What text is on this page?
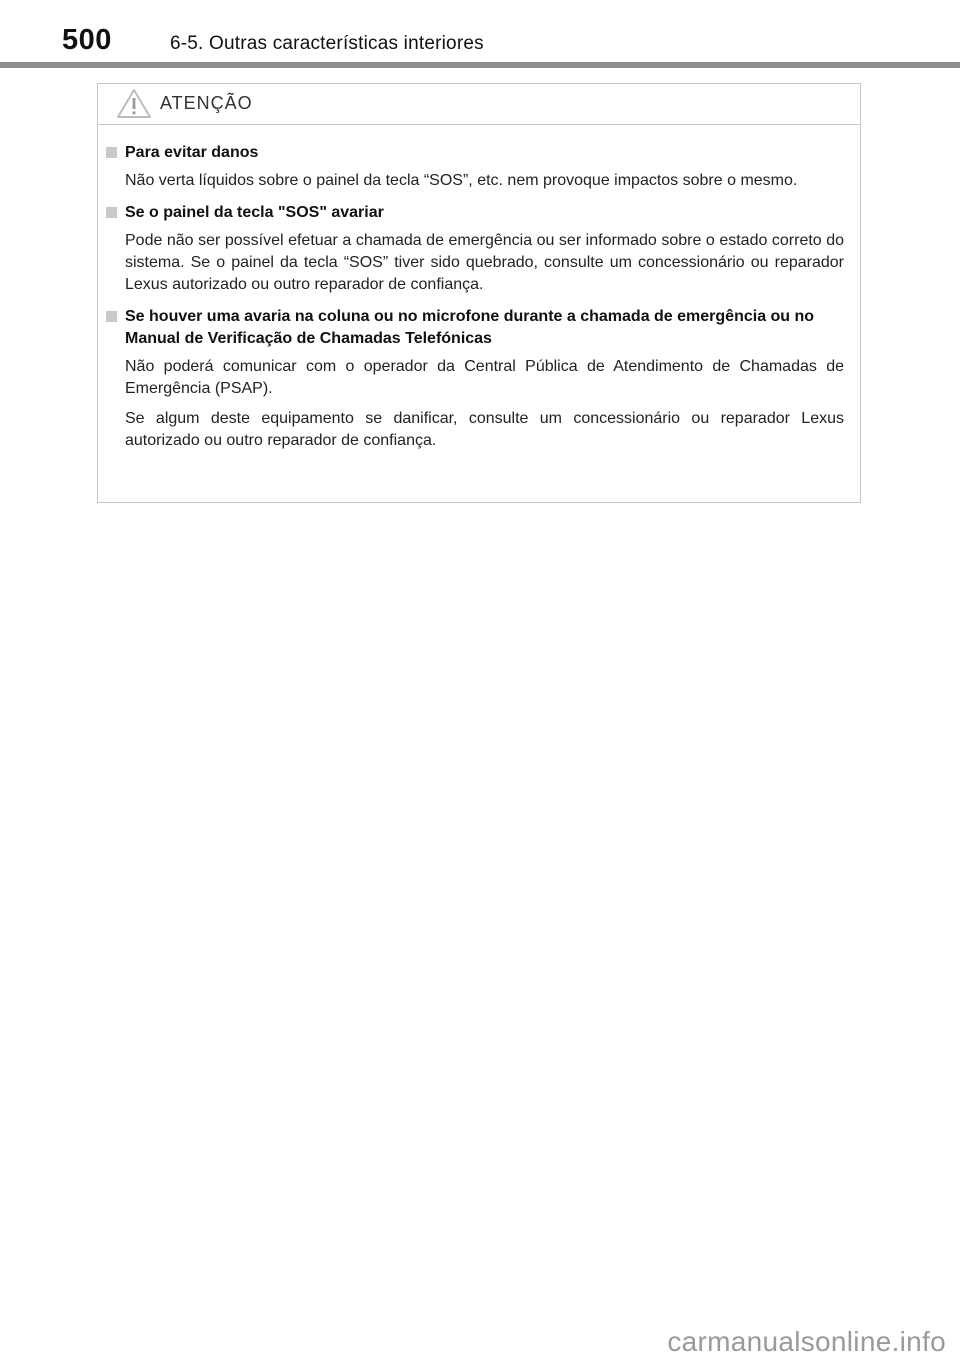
500	6-5. Outras características interiores
ATENÇÃO
Para evitar danos
Não verta líquidos sobre o painel da tecla “SOS”, etc. nem provoque impactos sobre o mesmo.
Se o painel da tecla "SOS" avariar
Pode não ser possível efetuar a chamada de emergência ou ser informado sobre o estado correto do sistema. Se o painel da tecla “SOS” tiver sido quebrado, consulte um concessionário ou reparador Lexus autorizado ou outro reparador de confiança.
Se houver uma avaria na coluna ou no microfone durante a chamada de emergência ou no Manual de Verificação de Chamadas Telefónicas
Não poderá comunicar com o operador da Central Pública de Atendimento de Chamadas de Emergência (PSAP).
Se algum deste equipamento se danificar, consulte um concessionário ou reparador Lexus autorizado ou outro reparador de confiança.
carmanualsonline.info
